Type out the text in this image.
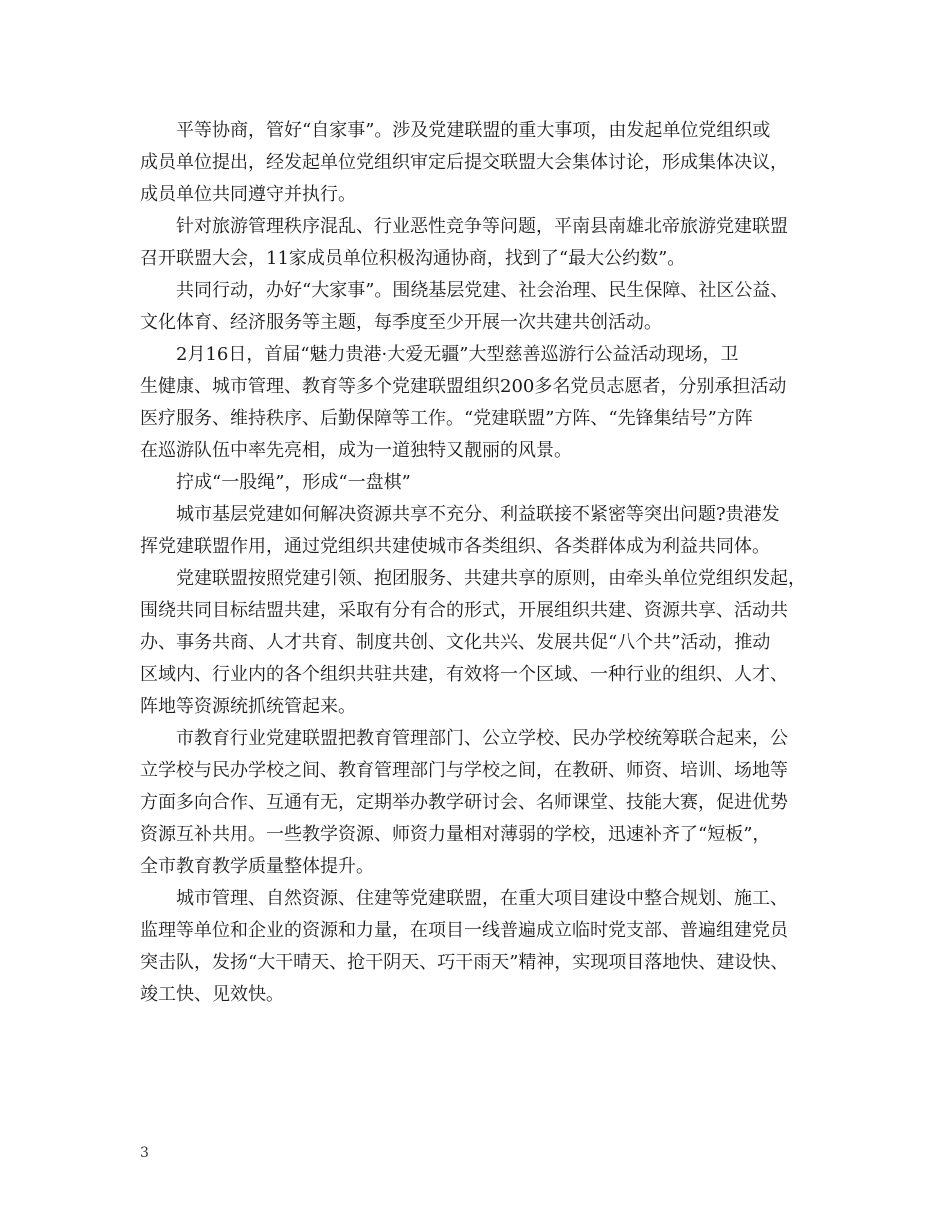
平等协商，管好“自家事”。涉及党建联盟的重大事项，由发起单位党组织或
成员单位提出，经发起单位党组织审定后提交联盟大会集体讨论，形成集体决议，
成员单位共同遵守并执行。
针对旅游管理秩序混乱、行业恶性竞争等问题，平南县南雄北帝旅游党建联盟
召开联盟大会，11家成员单位积极沟通协商，找到了“最大公约数”。
共同行动，办好“大家事”。围绕基层党建、社会治理、民生保障、社区公益、
文化体育、经济服务等主题，每季度至少开展一次共建共创活动。
2月16日，首届“魅力贵港·大爱无疆”大型慈善巡游行公益活动现场，卫
生健康、城市管理、教育等多个党建联盟组织200多名党员志愿者，分别承担活动
医疗服务、维持秩序、后勤保障等工作。“党建联盟”方阵、“先锋集结号”方阵
在巡游队伍中率先亮相，成为一道独特又靓丽的风景。
拧成“一股绳”，形成“一盘棋”
城市基层党建如何解决资源共享不充分、利益联接不紧密等突出问题?贵港发
挥党建联盟作用，通过党组织共建使城市各类组织、各类群体成为利益共同体。
党建联盟按照党建引领、抱团服务、共建共享的原则，由牵头单位党组织发起，
围绕共同目标结盟共建，采取有分有合的形式，开展组织共建、资源共享、活动共
办、事务共商、人才共育、制度共创、文化共兴、发展共促“八个共”活动，推动
区域内、行业内的各个组织共驻共建，有效将一个区域、一种行业的组织、人才、
阵地等资源统抓统管起来。
市教育行业党建联盟把教育管理部门、公立学校、民办学校统筹联合起来，公
立学校与民办学校之间、教育管理部门与学校之间，在教研、师资、培训、场地等
方面多向合作、互通有无，定期举办教学研讨会、名师课堂、技能大赛，促进优势
资源互补共用。一些教学资源、师资力量相对薄弱的学校，迅速补齐了“短板”，
全市教育教学质量整体提升。
城市管理、自然资源、住建等党建联盟，在重大项目建设中整合规划、施工、
监理等单位和企业的资源和力量，在项目一线普遍成立临时党支部、普遍组建党员
突击队，发扬“大干晴天、抢干阴天、巧干雨天”精神，实现项目落地快、建设快、
竣工快、见效快。
3
